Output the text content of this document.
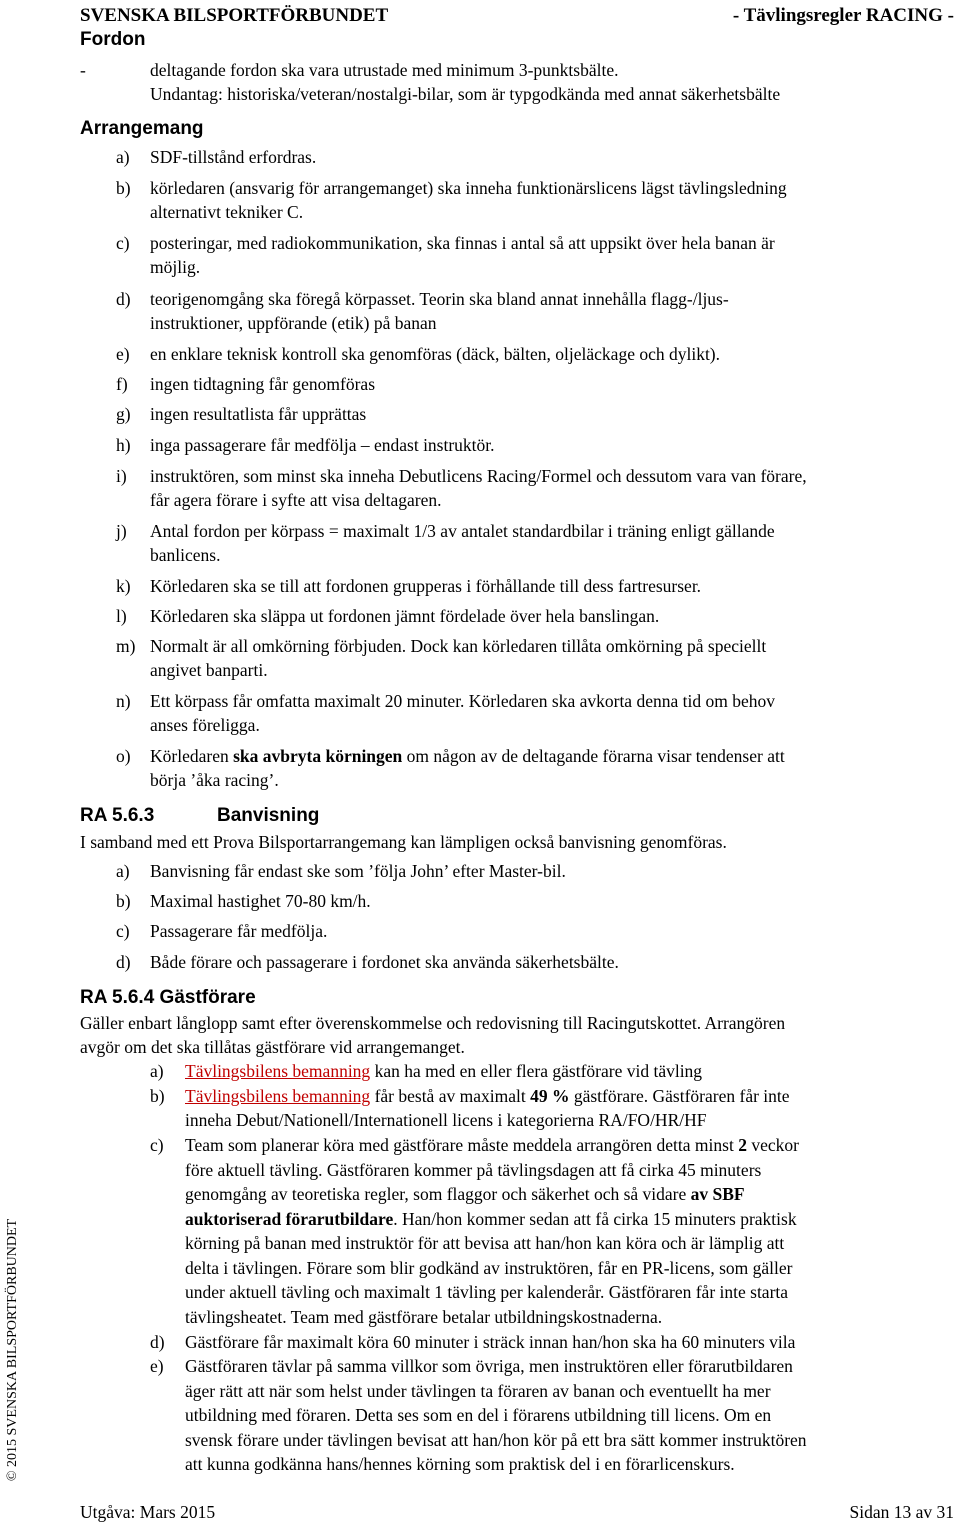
SVENSKA BILSPORTFÖRBUNDET	- Tävlingsregler RACING -
Fordon
-	deltagande fordon ska vara utrustade med minimum 3-punktsbälte.
Undantag: historiska/veteran/nostalgi-bilar, som är typgodkända med annat säkerhetsbälte
Arrangemang
a) SDF-tillstånd erfordras.
b) körledaren (ansvarig för arrangemanget) ska inneha funktionärslicens lägst tävlingsledning
alternativt tekniker C.
c) posteringar, med radiokommunikation, ska finnas i antal så att uppsikt över hela banan är
möjlig.
d) teorigenomgång ska föregå körpasset. Teorin ska bland annat innehålla flagg-/ljus-
instruktioner, uppförande (etik) på banan
e) en enklare teknisk kontroll ska genomföras (däck, bälten, oljeläckage och dylikt).
f) ingen tidtagning får genomföras
g) ingen resultatlista får upprättas
h) inga passagerare får medfölja – endast instruktör.
i) instruktören, som minst ska inneha Debutlicens Racing/Formel och dessutom vara van förare,
får agera förare i syfte att visa deltagaren.
j) Antal fordon per körpass = maximalt 1/3 av antalet standardbilar i träning enligt gällande
banlicens.
k) Körledaren ska se till att fordonen grupperas i förhållande till dess fartresurser.
l) Körledaren ska släppa ut fordonen jämnt fördelade över hela banslingan.
m) Normalt är all omkörning förbjuden. Dock kan körledaren tillåta omkörning på speciellt
angivet banparti.
n) Ett körpass får omfatta maximalt 20 minuter. Körledaren ska avkorta denna tid om behov
anses föreligga.
o) Körledaren ska avbryta körningen om någon av de deltagande förarna visar tendenser att
börja ’åka racing’.
RA 5.6.3	Banvisning
I samband med ett Prova Bilsportarrangemang kan lämpligen också banvisning genomföras.
a) Banvisning får endast ske som ’följa John’ efter Master-bil.
b) Maximal hastighet 70-80 km/h.
c) Passagerare får medfölja.
d) Både förare och passagerare i fordonet ska använda säkerhetsbälte.
RA 5.6.4 Gästförare
Gäller enbart långlopp samt efter överenskommelse och redovisning till Racingutskottet. Arrangören
avgör om det ska tillåtas gästförare vid arrangemanget.
a) Tävlingsbilens bemanning kan ha med en eller flera gästförare vid tävling
b) Tävlingsbilens bemanning får bestå av maximalt 49 % gästförare. Gästföraren får inte
inneha Debut/Nationell/Internationell licens i kategorierna RA/FO/HR/HF
c) Team som planerar köra med gästförare måste meddela arrangören detta minst 2 veckor
före aktuell tävling. Gästföraren kommer på tävlingsdagen att få cirka 45 minuters
genomgång av teoretiska regler, som flaggor och säkerhet och så vidare av SBF
auktoriserad förarutbildare. Han/hon kommer sedan att få cirka 15 minuters praktisk
körning på banan med instruktör för att bevisa att han/hon kan köra och är lämplig att
delta i tävlingen. Förare som blir godkänd av instruktören, får en PR-licens, som gäller
under aktuell tävling och maximalt 1 tävling per kalenderår. Gästföraren får inte starta
tävlingsheatet. Team med gästförare betalar utbildningskostnaderna.
d) Gästförare får maximalt köra 60 minuter i sträck innan han/hon ska ha 60 minuters vila
e) Gästföraren tävlar på samma villkor som övriga, men instruktören eller förarutbildaren
äger rätt att när som helst under tävlingen ta föraren av banan och eventuellt ha mer
utbildning med föraren. Detta ses som en del i förarens utbildning till licens. Om en
svensk förare under tävlingen bevisat att han/hon kör på ett bra sätt kommer instruktören
att kunna godkänna hans/hennes körning som praktisk del i en förarlicenskurs.
© 2015 SVENSKA BILSPORTFÖRBUNDET
Utgåva: Mars 2015	Sidan 13 av 31
